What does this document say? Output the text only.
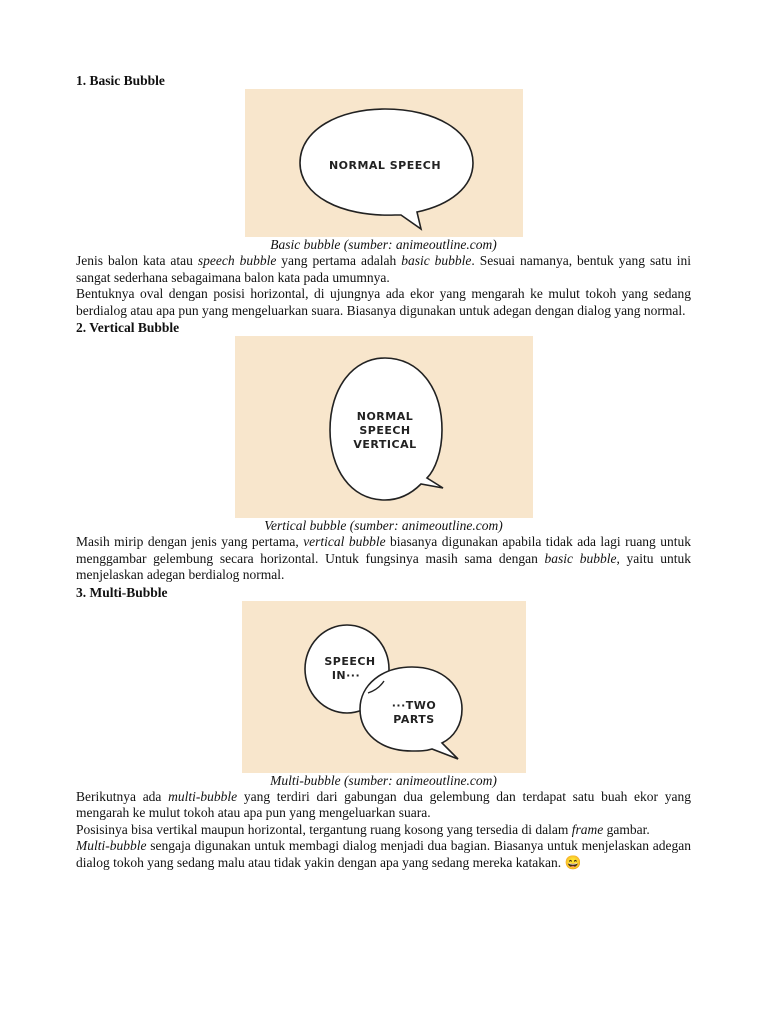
1. Basic Bubble
NORMAL SPEECH
Basic bubble (sumber: animeoutline.com)

Jenis balon kata atau speech bubble yang pertama adalah basic bubble. Sesuai namanya, bentuk yang satu ini sangat sederhana sebagaimana balon kata pada umumnya.

Bentuknya oval dengan posisi horizontal, di ujungnya ada ekor yang mengarah ke mulut tokoh yang sedang berdialog atau apa pun yang mengeluarkan suara. Biasanya digunakan untuk adegan dengan dialog yang normal.

2. Vertical Bubble
NORMAL
SPEECH
VERTICAL
Vertical bubble (sumber: animeoutline.com)

Masih mirip dengan jenis yang pertama, vertical bubble biasanya digunakan apabila tidak ada lagi ruang untuk menggambar gelembung secara horizontal. Untuk fungsinya masih sama dengan basic bubble, yaitu untuk menjelaskan adegan berdialog normal.

3. Multi-Bubble
SPEECH
IN···
···TWO
PARTS
Multi-bubble (sumber: animeoutline.com)

Berikutnya ada multi-bubble yang terdiri dari gabungan dua gelembung dan terdapat satu buah ekor yang mengarah ke mulut tokoh atau apa pun yang mengeluarkan suara.

Posisinya bisa vertikal maupun horizontal, tergantung ruang kosong yang tersedia di dalam frame gambar.

Multi-bubble sengaja digunakan untuk membagi dialog menjadi dua bagian. Biasanya untuk menjelaskan adegan dialog tokoh yang sedang malu atau tidak yakin dengan apa yang sedang mereka katakan. 😄
